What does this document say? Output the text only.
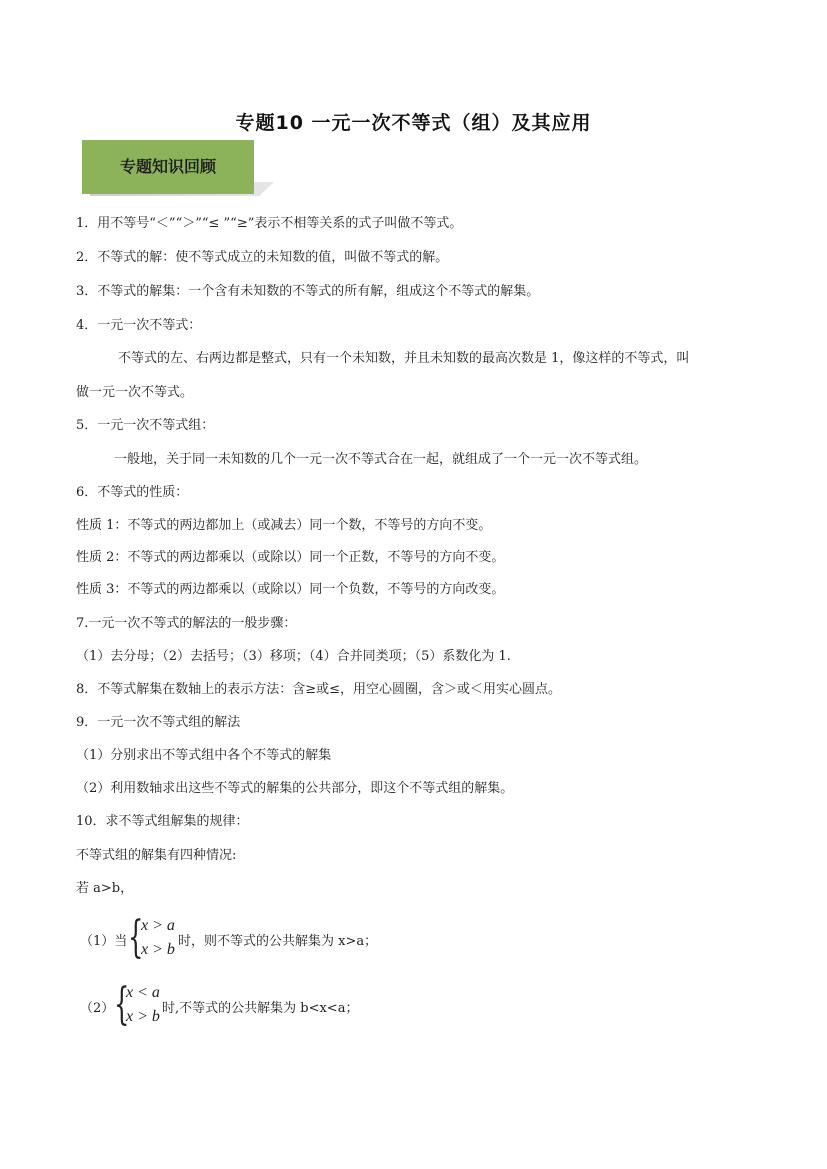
专题10 一元一次不等式（组）及其应用
专题知识回顾
1．用不等号“＜”“＞”“≤ ”“≥”表示不相等关系的式子叫做不等式。
2．不等式的解：使不等式成立的未知数的值，叫做不等式的解。
3．不等式的解集：一个含有未知数的不等式的所有解，组成这个不等式的解集。
4．一元一次不等式：
不等式的左、右两边都是整式，只有一个未知数，并且未知数的最高次数是 1，像这样的不等式，叫
做一元一次不等式。
5．一元一次不等式组：
一般地，关于同一未知数的几个一元一次不等式合在一起，就组成了一个一元一次不等式组。
6．不等式的性质：
性质 1：不等式的两边都加上（或减去）同一个数，不等号的方向不变。
性质 2：不等式的两边都乘以（或除以）同一个正数，不等号的方向不变。
性质 3：不等式的两边都乘以（或除以）同一个负数，不等号的方向改变。
7.一元一次不等式的解法的一般步骤：
（1）去分母；（2）去括号；（3）移项；（4）合并同类项；（5）系数化为 1.
8．不等式解集在数轴上的表示方法：含≥或≤，用空心圆圈，含＞或＜用实心圆点。
9．一元一次不等式组的解法
（1）分别求出不等式组中各个不等式的解集
（2）利用数轴求出这些不等式的解集的公共部分，即这个不等式组的解集。
10．求不等式组解集的规律：
不等式组的解集有四种情况:
若 a>b，
（1）当 {
x > a
x > b 时，则不等式的公共解集为 x>a；
（2） {
x < a
x > b 时,不等式的公共解集为 b<x<a；
